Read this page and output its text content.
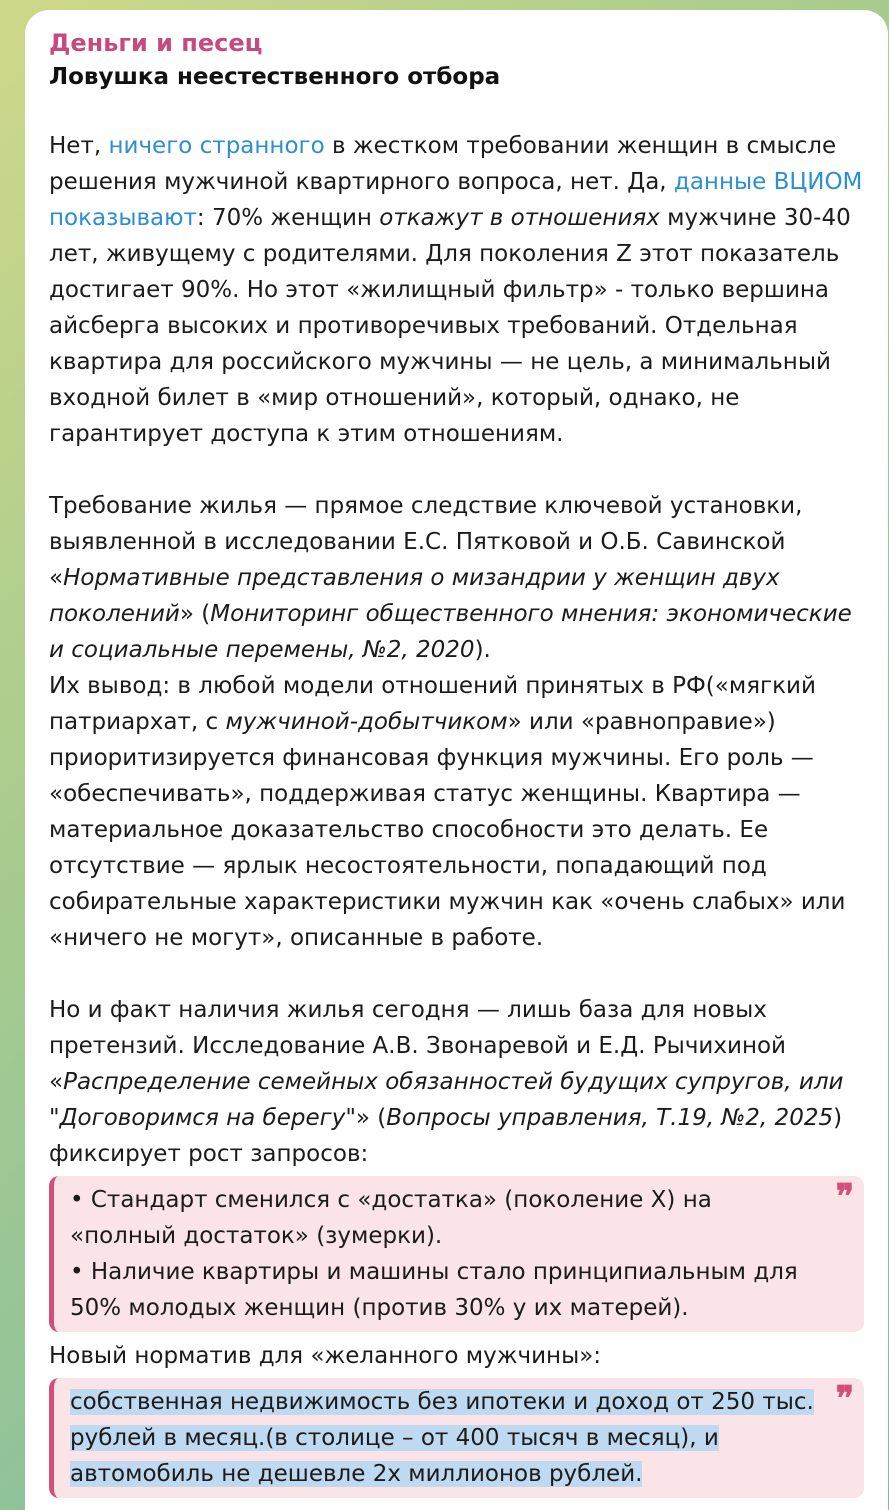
Деньги и песец
Ловушка неестественного отбора

Нет, ничего странного в жестком требовании женщин в смысле решения мужчиной квартирного вопроса, нет. Да, данные ВЦИОМ показывают: 70% женщин откажут в отношениях мужчине 30-40 лет, живущему с родителями. Для поколения Z этот показатель достигает 90%. Но этот «жилищный фильтр» - только вершина айсберга высоких и противоречивых требований. Отдельная квартира для российского мужчины — не цель, а минимальный входной билет в «мир отношений», который, однако, не гарантирует доступа к этим отношениям.

Требование жилья — прямое следствие ключевой установки, выявленной в исследовании Е.С. Пятковой и О.Б. Савинской «Нормативные представления о мизандрии у женщин двух поколений» (Мониторинг общественного мнения: экономические и социальные перемены, №2, 2020).

Их вывод: в любой модели отношений принятых в РФ(«мягкий патриархат, с мужчиной-добытчиком» или «равноправие») приоритизируется финансовая функция мужчины. Его роль — «обеспечивать», поддерживая статус женщины. Квартира — материальное доказательство способности это делать. Ее отсутствие — ярлык несостоятельности, попадающий под собирательные характеристики мужчин как «очень слабых» или «ничего не могут», описанные в работе.

Но и факт наличия жилья сегодня — лишь база для новых претензий. Исследование А.В. Звонаревой и Е.Д. Рычихиной «Распределение семейных обязанностей будущих супругов, или "Договоримся на берегу"» (Вопросы управления, Т.19, №2, 2025) фиксирует рост запросов:

• Стандарт сменился с «достатка» (поколение X) на «полный достаток» (зумерки).
• Наличие квартиры и машины стало принципиальным для 50% молодых женщин (против 30% у их матерей).
❞

Новый норматив для «желанного мужчины»:

собственная недвижимость без ипотеки и доход от 250 тыс. рублей в месяц.(в столице – от 400 тысяч в месяц), и автомобиль не дешевле 2х миллионов рублей.
❞
